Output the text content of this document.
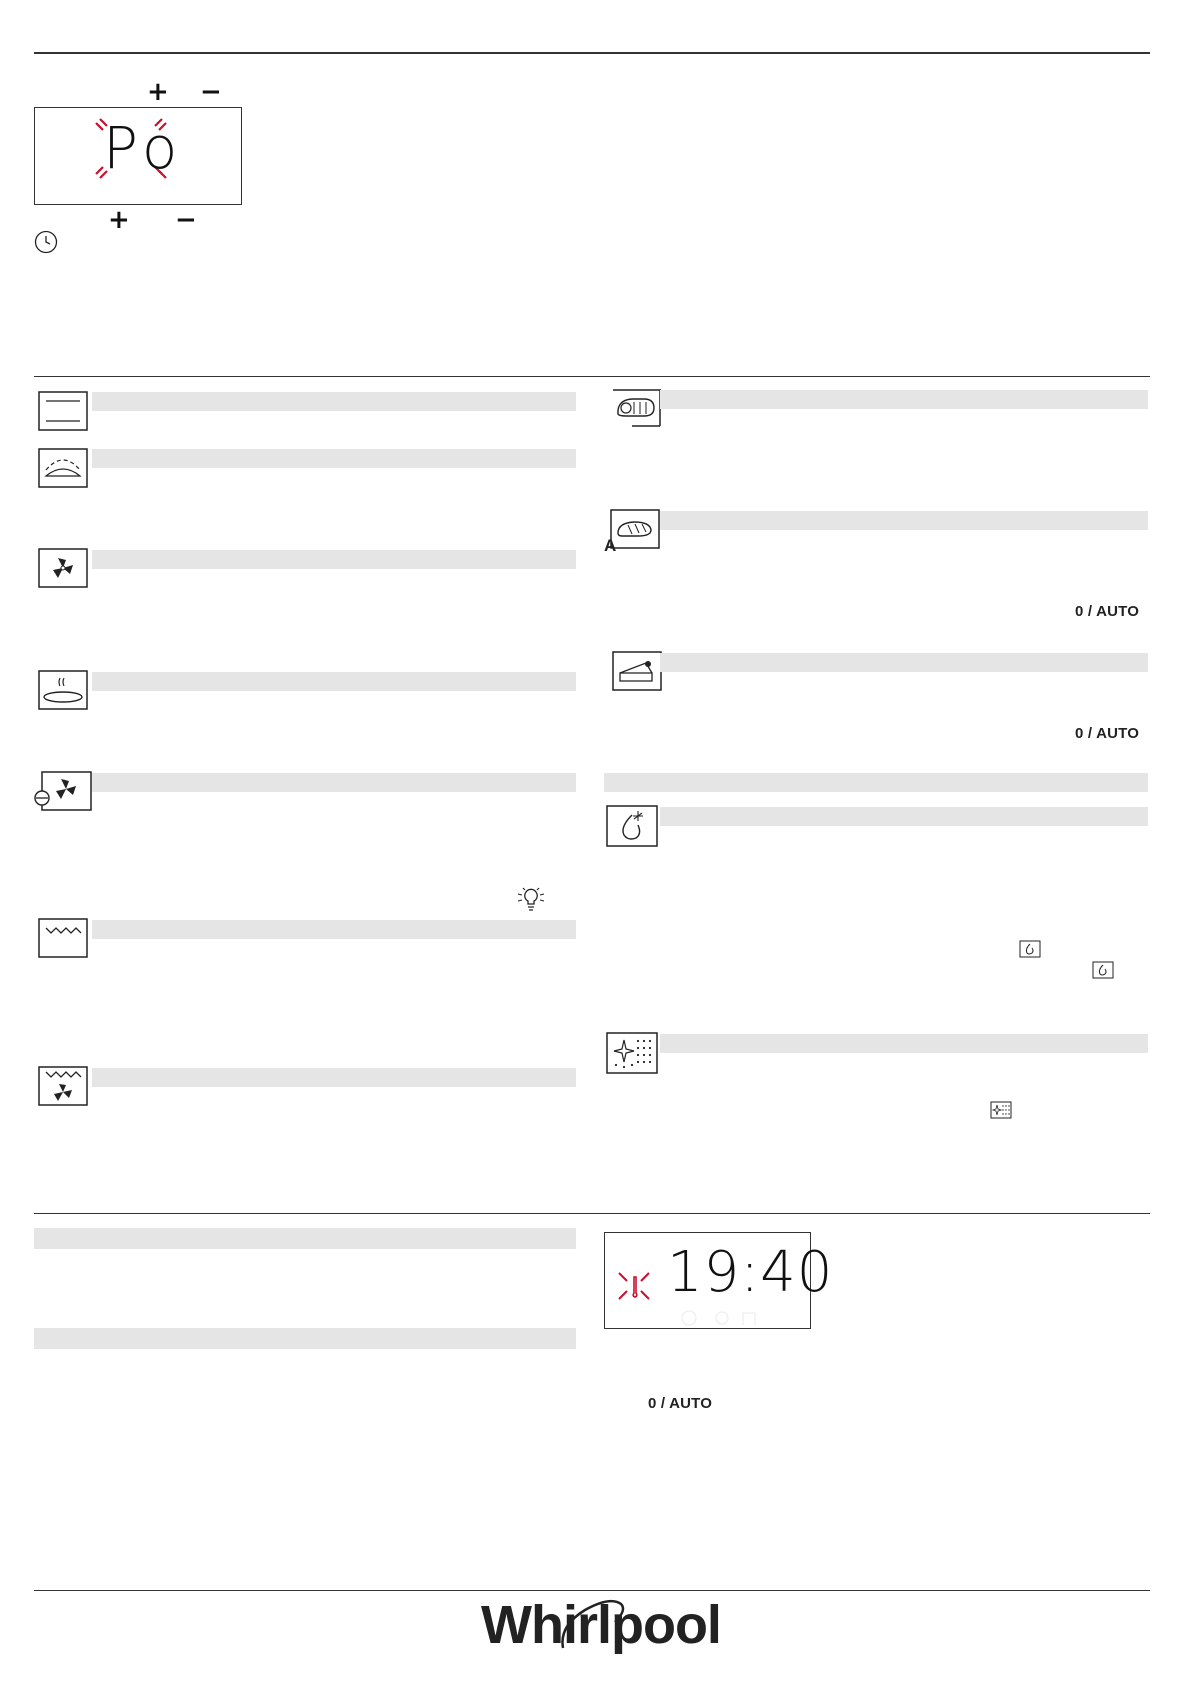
+ −
Po
+ −
A
0 / AUTO
0 / AUTO
19:40
0 / AUTO
Whirlpool
